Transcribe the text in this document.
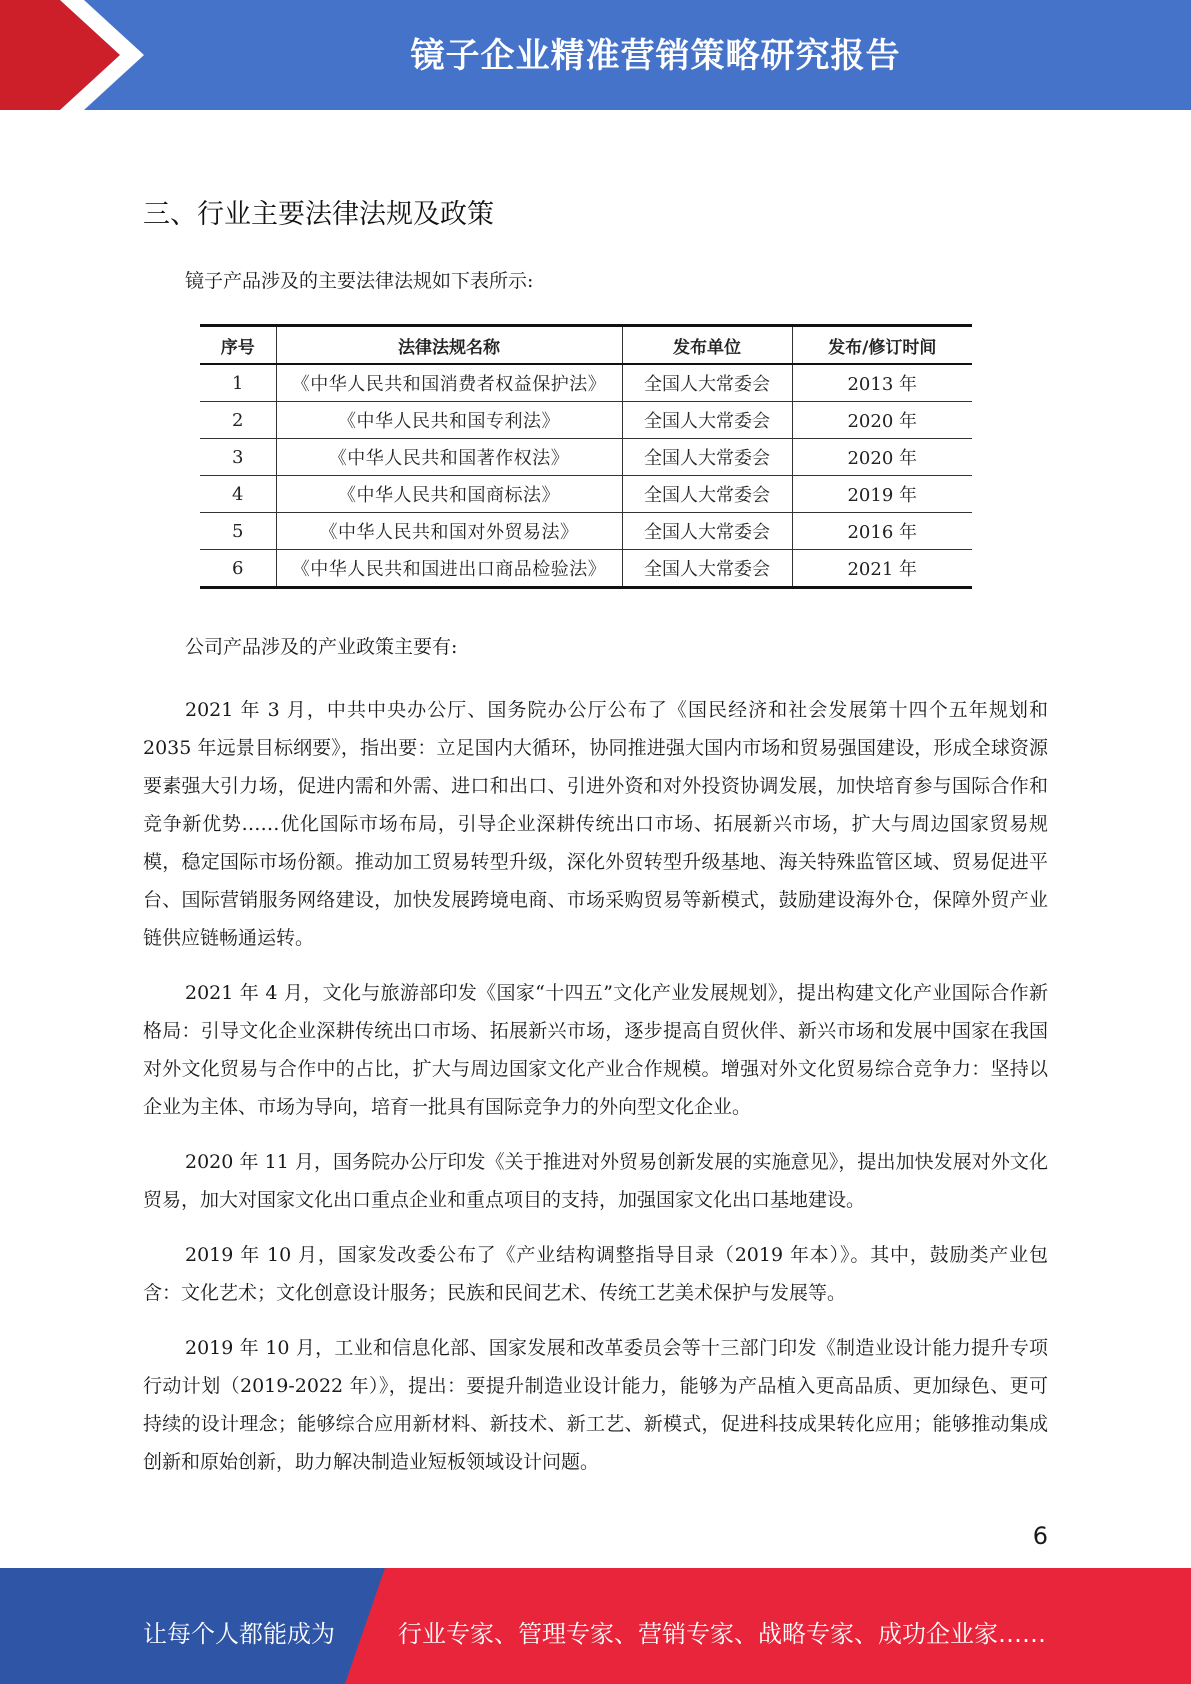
镜子企业精准营销策略研究报告
三、行业主要法律法规及政策
镜子产品涉及的主要法律法规如下表所示:
序号	法律法规名称	发布单位	发布/修订时间
1	《中华人民共和国消费者权益保护法》	全国人大常委会	2013 年
2	《中华人民共和国专利法》	全国人大常委会	2020 年
3	《中华人民共和国著作权法》	全国人大常委会	2020 年
4	《中华人民共和国商标法》	全国人大常委会	2019 年
5	《中华人民共和国对外贸易法》	全国人大常委会	2016 年
6	《中华人民共和国进出口商品检验法》	全国人大常委会	2021 年

公司产品涉及的产业政策主要有:

2021 年 3 月，中共中央办公厅、国务院办公厅公布了《国民经济和社会发展第十四个五年规划和 2035 年远景目标纲要》，指出要：立足国内大循环，协同推进强大国内市场和贸易强国建设，形成全球资源要素强大引力场，促进内需和外需、进口和出口、引进外资和对外投资协调发展，加快培育参与国际合作和竞争新优势……优化国际市场布局，引导企业深耕传统出口市场、拓展新兴市场，扩大与周边国家贸易规模，稳定国际市场份额。推动加工贸易转型升级，深化外贸转型升级基地、海关特殊监管区域、贸易促进平台、国际营销服务网络建设，加快发展跨境电商、市场采购贸易等新模式，鼓励建设海外仓，保障外贸产业链供应链畅通运转。

2021 年 4 月，文化与旅游部印发《国家“十四五”文化产业发展规划》，提出构建文化产业国际合作新格局：引导文化企业深耕传统出口市场、拓展新兴市场，逐步提高自贸伙伴、新兴市场和发展中国家在我国对外文化贸易与合作中的占比，扩大与周边国家文化产业合作规模。增强对外文化贸易综合竞争力：坚持以企业为主体、市场为导向，培育一批具有国际竞争力的外向型文化企业。

2020 年 11 月，国务院办公厅印发《关于推进对外贸易创新发展的实施意见》，提出加快发展对外文化贸易，加大对国家文化出口重点企业和重点项目的支持，加强国家文化出口基地建设。

2019 年 10 月，国家发改委公布了《产业结构调整指导目录（2019 年本）》。其中，鼓励类产业包含：文化艺术；文化创意设计服务；民族和民间艺术、传统工艺美术保护与发展等。

2019 年 10 月，工业和信息化部、国家发展和改革委员会等十三部门印发《制造业设计能力提升专项行动计划（2019-2022 年）》，提出：要提升制造业设计能力，能够为产品植入更高品质、更加绿色、更可持续的设计理念；能够综合应用新材料、新技术、新工艺、新模式，促进科技成果转化应用；能够推动集成创新和原始创新，助力解决制造业短板领域设计问题。

6
让每个人都能成为	行业专家、管理专家、营销专家、战略专家、成功企业家……
